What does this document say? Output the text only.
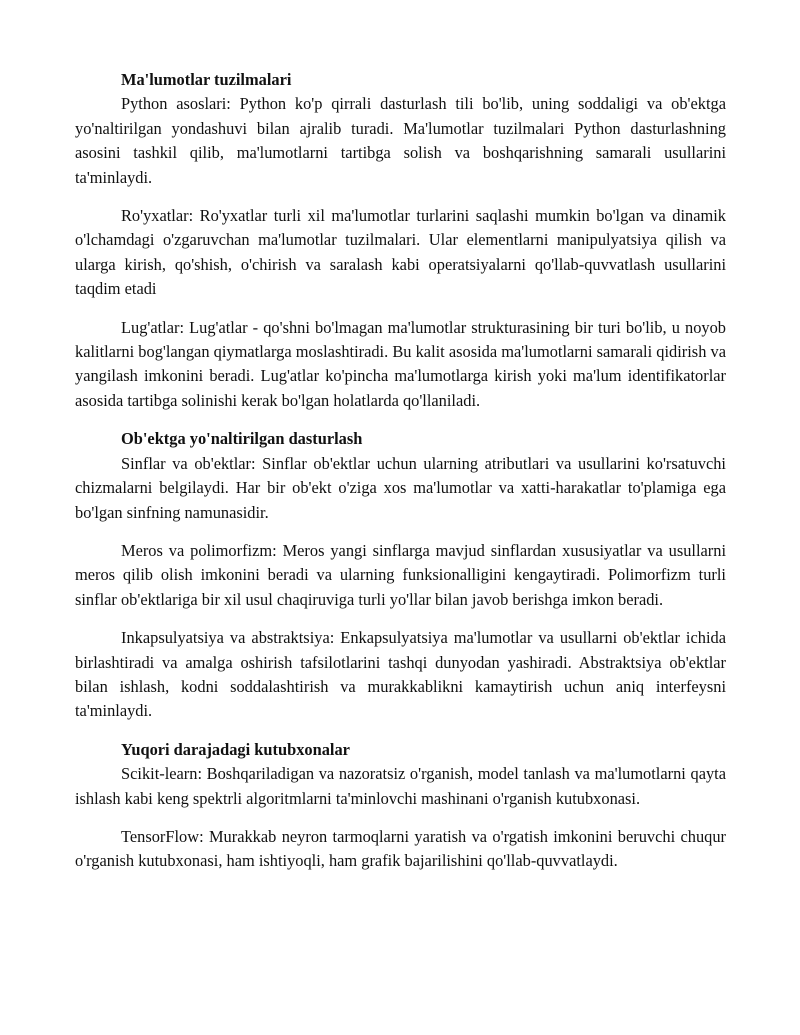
Ma'lumotlar tuzilmalari

Python asoslari: Python ko'p qirrali dasturlash tili bo'lib, uning soddaligi va ob'ektga yo'naltirilgan yondashuvi bilan ajralib turadi. Ma'lumotlar tuzilmalari Python dasturlashning asosini tashkil qilib, ma'lumotlarni tartibga solish va boshqarishning samarali usullarini ta'minlaydi.

Ro'yxatlar: Ro'yxatlar turli xil ma'lumotlar turlarini saqlashi mumkin bo'lgan va dinamik o'lchamdagi o'zgaruvchan ma'lumotlar tuzilmalari. Ular elementlarni manipulyatsiya qilish va ularga kirish, qo'shish, o'chirish va saralash kabi operatsiyalarni qo'llab-quvvatlash usullarini taqdim etadi

Lug'atlar: Lug'atlar - qo'shni bo'lmagan ma'lumotlar strukturasining bir turi bo'lib, u noyob kalitlarni bog'langan qiymatlarga moslashtiradi. Bu kalit asosida ma'lumotlarni samarali qidirish va yangilash imkonini beradi. Lug'atlar ko'pincha ma'lumotlarga kirish yoki ma'lum identifikatorlar asosida tartibga solinishi kerak bo'lgan holatlarda qo'llaniladi.

Ob'ektga yo'naltirilgan dasturlash

Sinflar va ob'ektlar: Sinflar ob'ektlar uchun ularning atributlari va usullarini ko'rsatuvchi chizmalarni belgilaydi. Har bir ob'ekt o'ziga xos ma'lumotlar va xatti-harakatlar to'plamiga ega bo'lgan sinfning namunasidir.

Meros va polimorfizm: Meros yangi sinflarga mavjud sinflardan xususiyatlar va usullarni meros qilib olish imkonini beradi va ularning funksionalligini kengaytiradi. Polimorfizm turli sinflar ob'ektlariga bir xil usul chaqiruviga turli yo'llar bilan javob berishga imkon beradi.

Inkapsulyatsiya va abstraktsiya: Enkapsulyatsiya ma'lumotlar va usullarni ob'ektlar ichida birlashtiradi va amalga oshirish tafsilotlarini tashqi dunyodan yashiradi. Abstraktsiya ob'ektlar bilan ishlash, kodni soddalashtirish va murakkablikni kamaytirish uchun aniq interfeysni ta'minlaydi.

Yuqori darajadagi kutubxonalar

Scikit-learn: Boshqariladigan va nazoratsiz o'rganish, model tanlash va ma'lumotlarni qayta ishlash kabi keng spektrli algoritmlarni ta'minlovchi mashinani o'rganish kutubxonasi.

TensorFlow: Murakkab neyron tarmoqlarni yaratish va o'rgatish imkonini beruvchi chuqur o'rganish kutubxonasi, ham ishtiyoqli, ham grafik bajarilishini qo'llab-quvvatlaydi.
